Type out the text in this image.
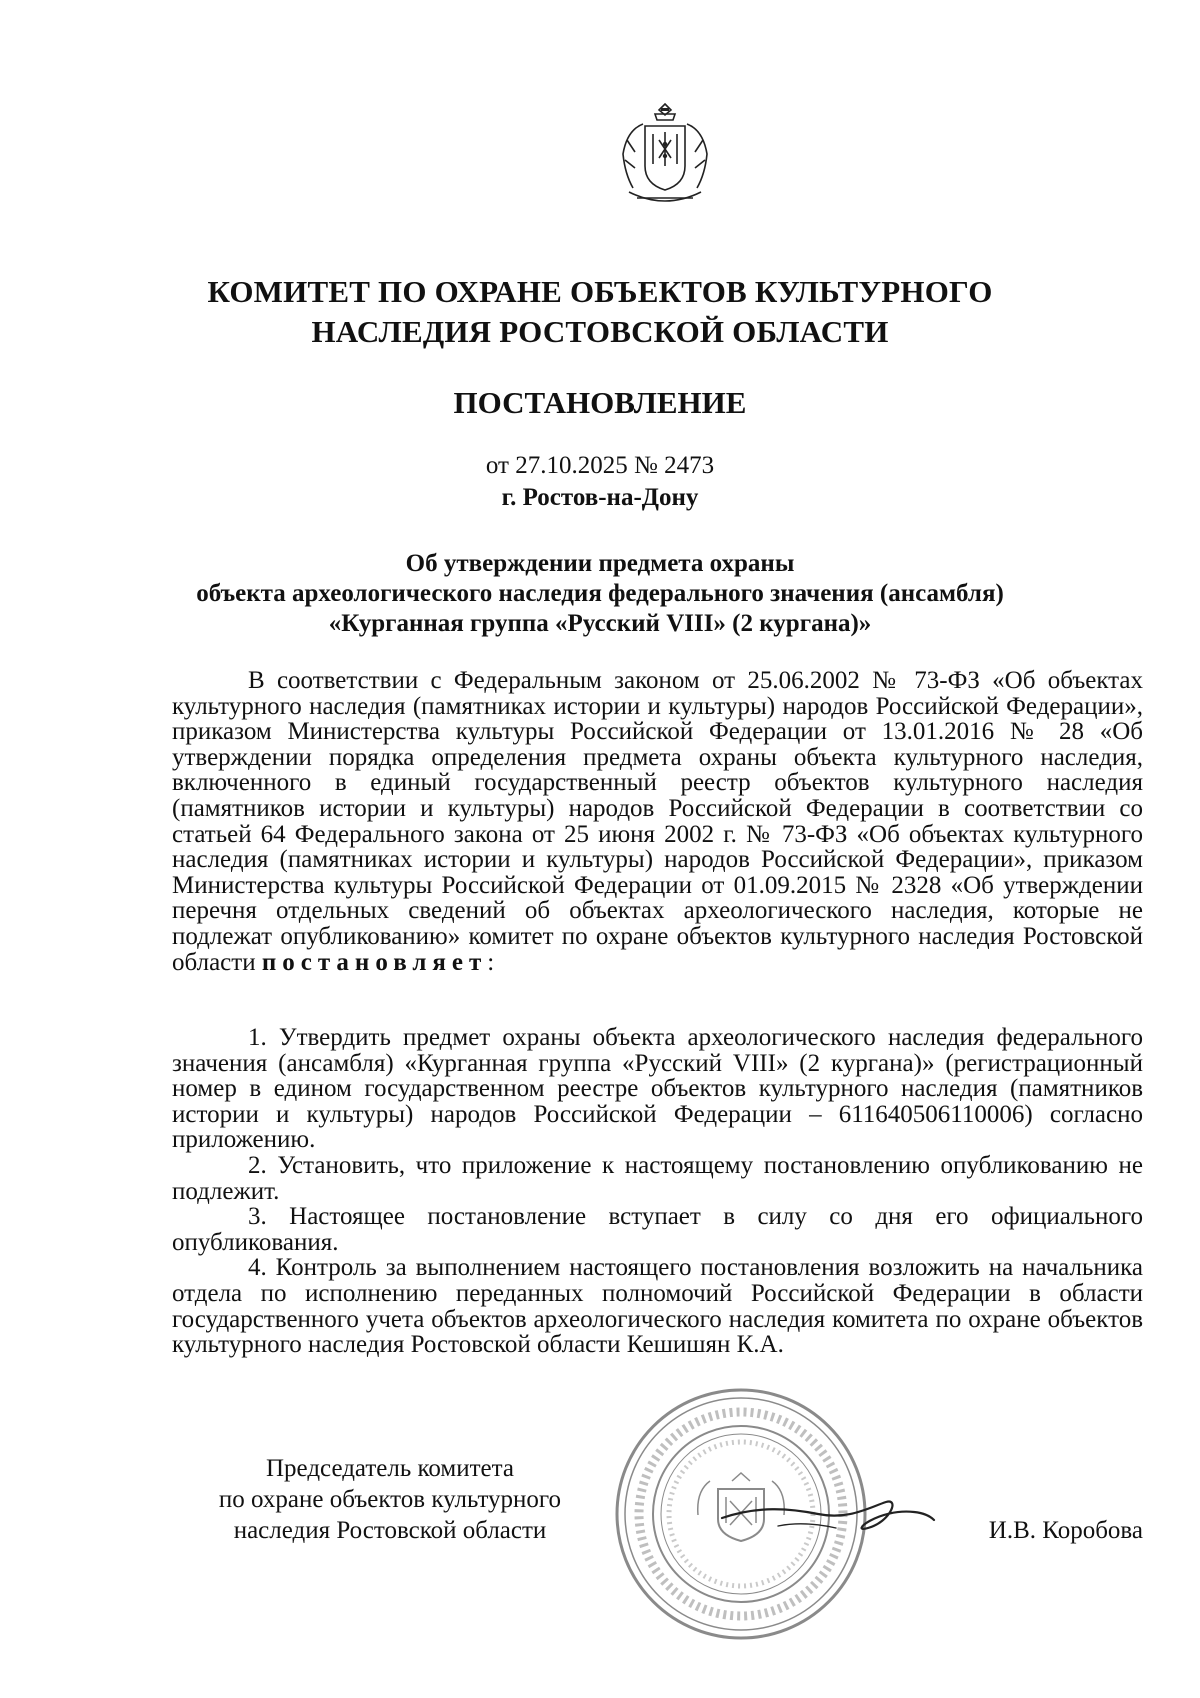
КОМИТЕТ ПО ОХРАНЕ ОБЪЕКТОВ КУЛЬТУРНОГО
НАСЛЕДИЯ РОСТОВСКОЙ ОБЛАСТИ
ПОСТАНОВЛЕНИЕ
от 27.10.2025 № 2473
г. Ростов-на-Дону
Об утверждении предмета охраны
объекта археологического наследия федерального значения (ансамбля)
«Курганная группа «Русский VIII» (2 кургана)»

В соответствии с Федеральным законом от 25.06.2002 № 73-ФЗ «Об объектах культурного наследия (памятниках истории и культуры) народов Российской Федерации», приказом Министерства культуры Российской Федерации от 13.01.2016 № 28 «Об утверждении порядка определения предмета охраны объекта культурного наследия, включенного в единый государственный реестр объектов культурного наследия (памятников истории и культуры) народов Российской Федерации в соответствии со статьей 64 Федерального закона от 25 июня 2002 г. № 73-ФЗ «Об объектах культурного наследия (памятниках истории и культуры) народов Российской Федерации», приказом Министерства культуры Российской Федерации от 01.09.2015 № 2328 «Об утверждении перечня отдельных сведений об объектах археологического наследия, которые не подлежат опубликованию» комитет по охране объектов культурного наследия Ростовской области постановляет:

1. Утвердить предмет охраны объекта археологического наследия федерального значения (ансамбля) «Курганная группа «Русский VIII» (2 кургана)» (регистрационный номер в едином государственном реестре объектов культурного наследия (памятников истории и культуры) народов Российской Федерации – 611640506110006) согласно приложению.

2. Установить, что приложение к настоящему постановлению опубликованию не подлежит.

3. Настоящее постановление вступает в силу со дня его официального опубликования.

4. Контроль за выполнением настоящего постановления возложить на начальника отдела по исполнению переданных полномочий Российской Федерации в области государственного учета объектов археологического наследия комитета по охране объектов культурного наследия Ростовской области Кешишян К.А.

Председатель комитета
по охране объектов культурного
наследия Ростовской области	И.В. Коробова
